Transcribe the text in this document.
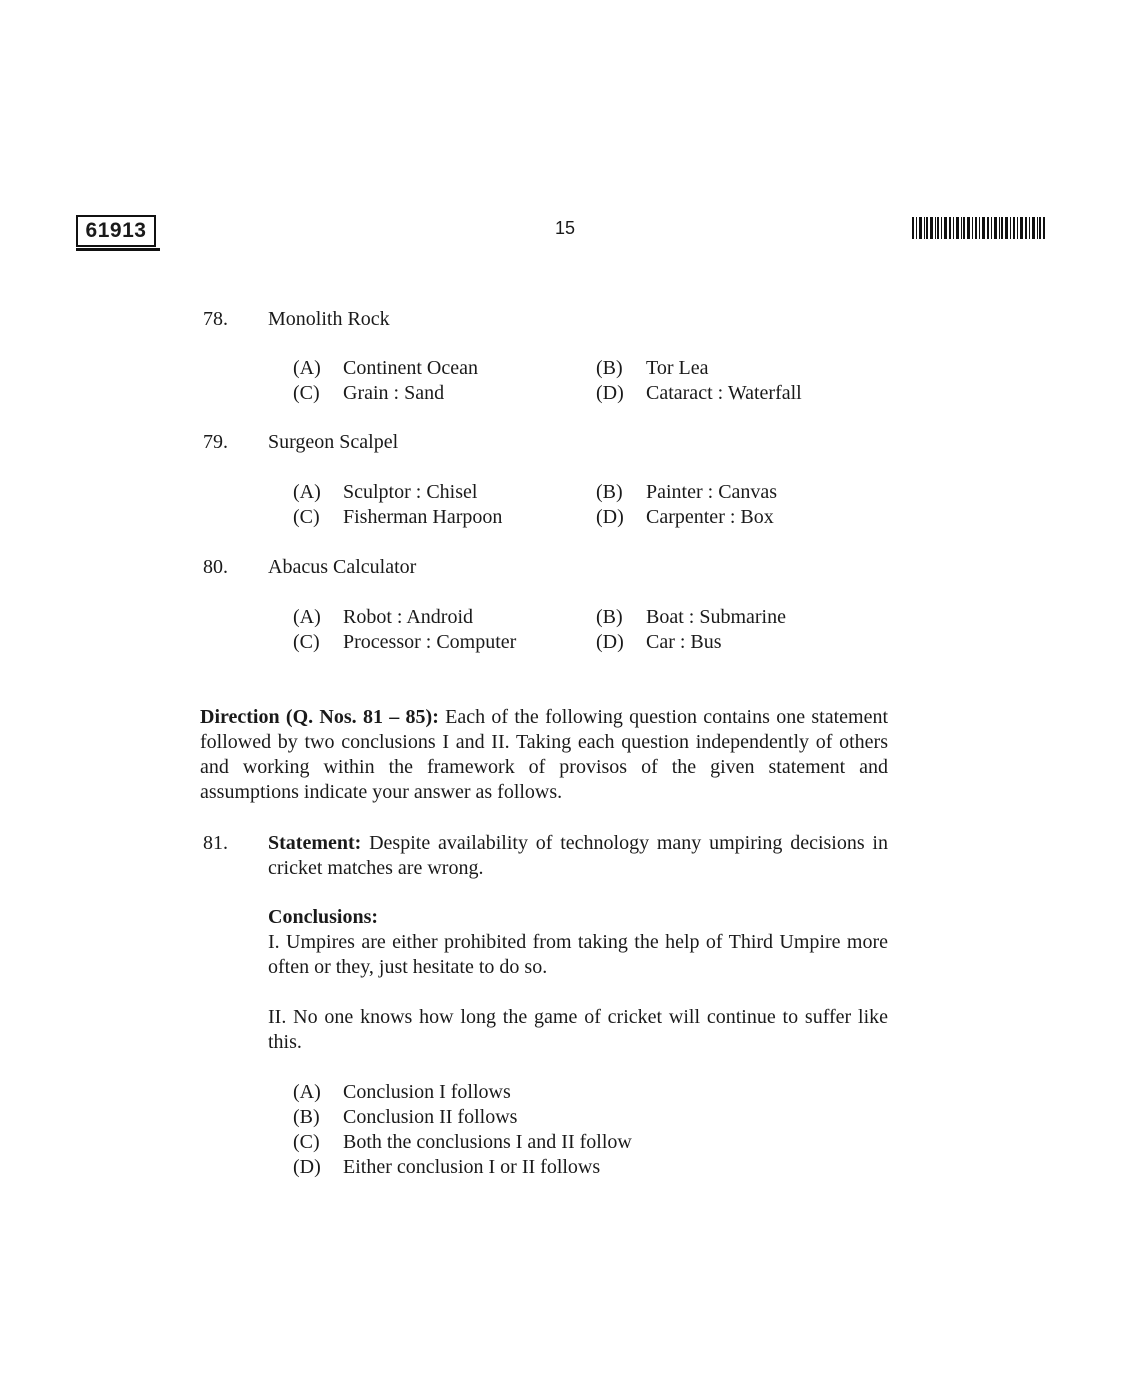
61913	15
78. Monolith Rock
(A) Continent Ocean	(B) Tor Lea
(C) Grain : Sand	(D) Cataract : Waterfall
79. Surgeon Scalpel
(A) Sculptor : Chisel	(B) Painter : Canvas
(C) Fisherman Harpoon	(D) Carpenter : Box
80. Abacus Calculator
(A) Robot : Android	(B) Boat : Submarine
(C) Processor : Computer	(D) Car : Bus
Direction (Q. Nos. 81 – 85): Each of the following question contains one statement followed by two conclusions I and II. Taking each question independently of others and working within the framework of provisos of the given statement and assumptions indicate your answer as follows.
81. Statement: Despite availability of technology many umpiring decisions in cricket matches are wrong.
Conclusions:
I. Umpires are either prohibited from taking the help of Third Umpire more often or they, just hesitate to do so.
II. No one knows how long the game of cricket will continue to suffer like this.
(A) Conclusion I follows
(B) Conclusion II follows
(C) Both the conclusions I and II follow
(D) Either conclusion I or II follows
